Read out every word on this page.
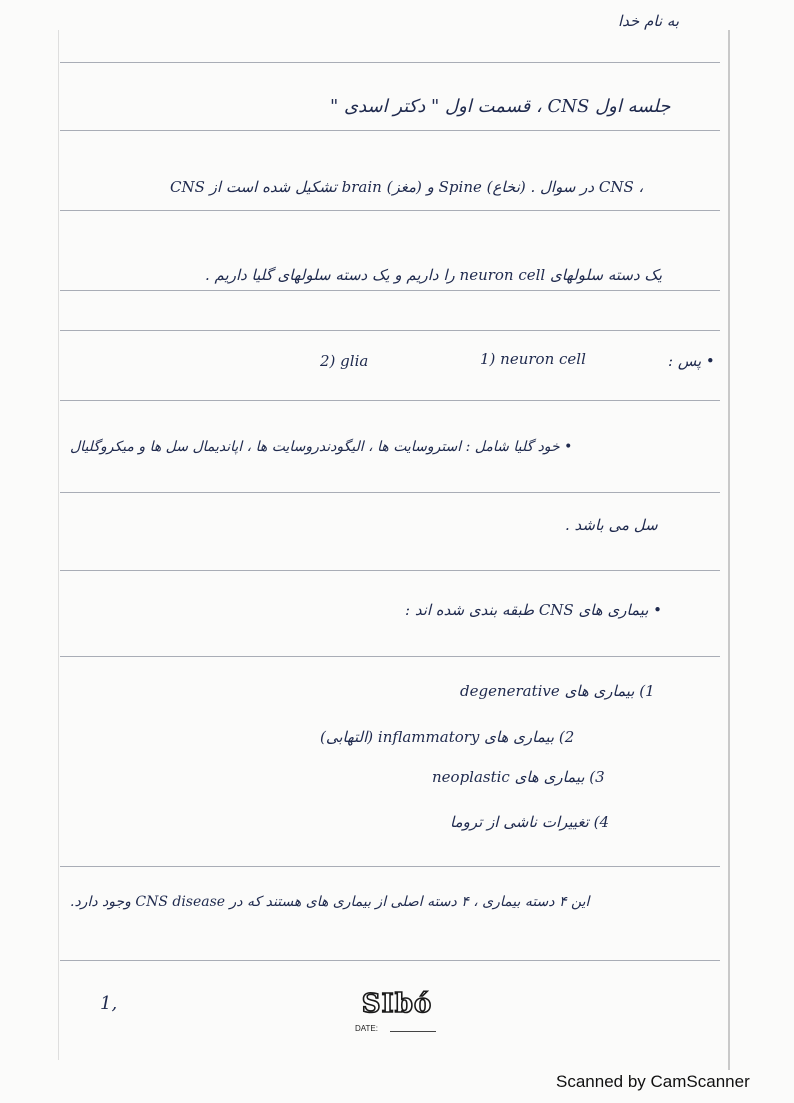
به نام خدا
جلسه اول CNS ، قسمت اول " دکتر اسدی "
CNS تشکیل شده است از brain (مغز) و Spine (نخاع) . در سوال CNS ،
یک دسته سلولهای neuron cell را داریم و یک دسته سلولهای گلیا داریم .
• پس :
1) neuron cell
2) glia
• خود گلیا شامل : استروسایت ها ، الیگودندروسایت ها ، اپاندیمال سل ها و میکروگلیال
سل می باشد .
• بیماری های CNS طبقه بندی شده اند :
1) بیماری های degenerative
2) بیماری های inflammatory (التهابی)
3) بیماری های neoplastic
4) تغییرات ناشی از تروما
این ۴ دسته بیماری ، ۴ دسته اصلی از بیماری های هستند که در CNS disease وجود دارد.
1,	SIbó
DATE:
Scanned by CamScanner
